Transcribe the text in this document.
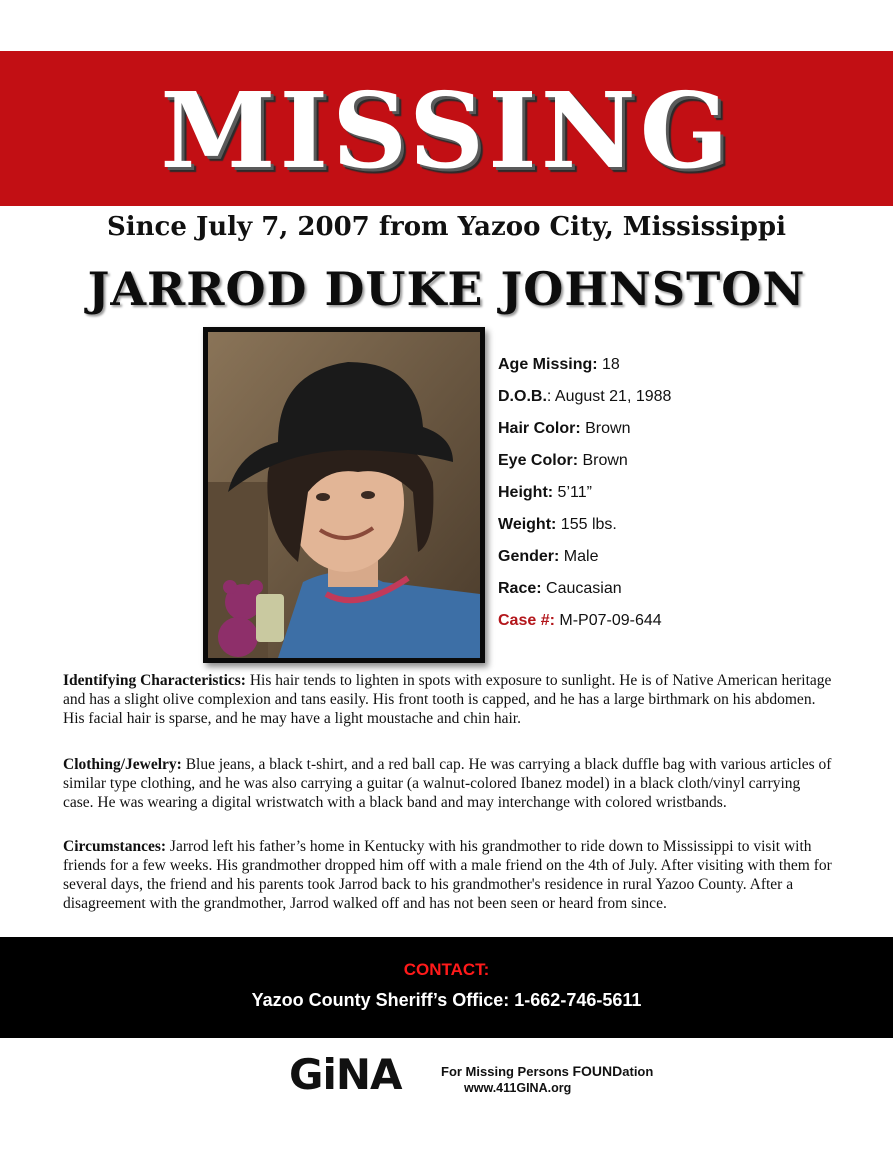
MISSING
Since July 7, 2007 from Yazoo City, Mississippi
JARROD DUKE JOHNSTON
Age Missing: 18
D.O.B.: August 21, 1988
Hair Color: Brown
Eye Color: Brown
Height: 5’11”
Weight: 155 lbs.
Gender: Male
Race: Caucasian
Case #: M-P07-09-644
Identifying Characteristics: His hair tends to lighten in spots with exposure to sunlight. He is of Native American heritage and has a slight olive complexion and tans easily. His front tooth is capped, and he has a large birthmark on his abdomen. His facial hair is sparse, and he may have a light moustache and chin hair.
Clothing/Jewelry: Blue jeans, a black t-shirt, and a red ball cap. He was carrying a black duffle bag with various articles of similar type clothing, and he was also carrying a guitar (a walnut-colored Ibanez model) in a black cloth/vinyl carrying case. He was wearing a digital wristwatch with a black band and may interchange with colored wristbands.
Circumstances: Jarrod left his father’s home in Kentucky with his grandmother to ride down to Mississippi to visit with friends for a few weeks. His grandmother dropped him off with a male friend on the 4th of July. After visiting with them for several days, the friend and his parents took Jarrod back to his grandmother's residence in rural Yazoo County. After a disagreement with the grandmother, Jarrod walked off and has not been seen or heard from since.
CONTACT:
Yazoo County Sheriff’s Office: 1-662-746-5611
GiNA	For Missing Persons FOUNDation
www.411GINA.org
